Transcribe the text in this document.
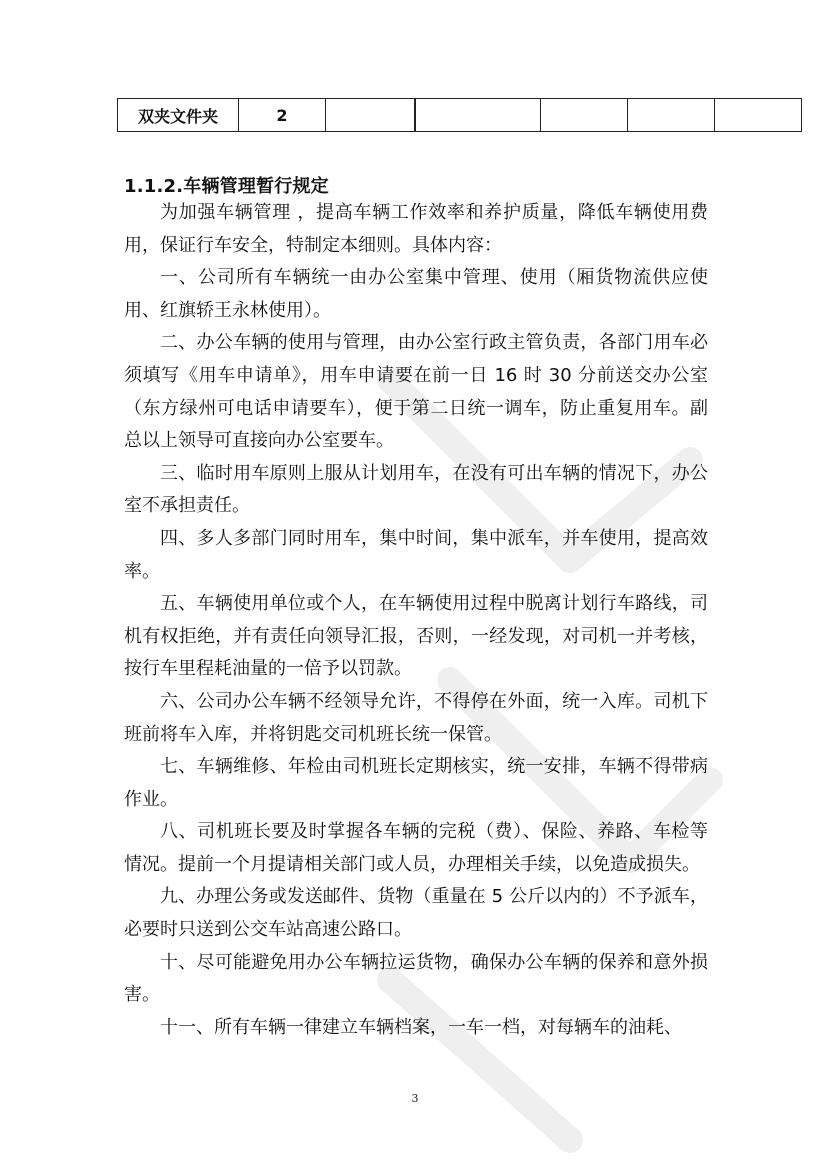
双夹文件夹	2					
1.1.2.车辆管理暂行规定

为加强车辆管理 ，提高车辆工作效率和养护质量，降低车辆使用费用，保证行车安全，特制定本细则。具体内容：

一、公司所有车辆统一由办公室集中管理、使用（厢货物流供应使用、红旗轿王永林使用）。

二、办公车辆的使用与管理，由办公室行政主管负责，各部门用车必须填写《用车申请单》，用车申请要在前一日 16 时 30 分前送交办公室（东方绿州可电话申请要车），便于第二日统一调车，防止重复用车。副总以上领导可直接向办公室要车。

三、临时用车原则上服从计划用车，在没有可出车辆的情况下，办公室不承担责任。

四、多人多部门同时用车，集中时间，集中派车，并车使用，提高效率。

五、车辆使用单位或个人，在车辆使用过程中脱离计划行车路线，司机有权拒绝，并有责任向领导汇报，否则，一经发现，对司机一并考核，按行车里程耗油量的一倍予以罚款。

六、公司办公车辆不经领导允许，不得停在外面，统一入库。司机下班前将车入库，并将钥匙交司机班长统一保管。

七、车辆维修、年检由司机班长定期核实，统一安排，车辆不得带病作业。

八、司机班长要及时掌握各车辆的完税（费）、保险、养路、车检等情况。提前一个月提请相关部门或人员，办理相关手续，以免造成损失。

九、办理公务或发送邮件、货物（重量在 5 公斤以内的）不予派车，必要时只送到公交车站高速公路口。

十、尽可能避免用办公车辆拉运货物，确保办公车辆的保养和意外损害。

十一、所有车辆一律建立车辆档案，一车一档，对每辆车的油耗、

3
